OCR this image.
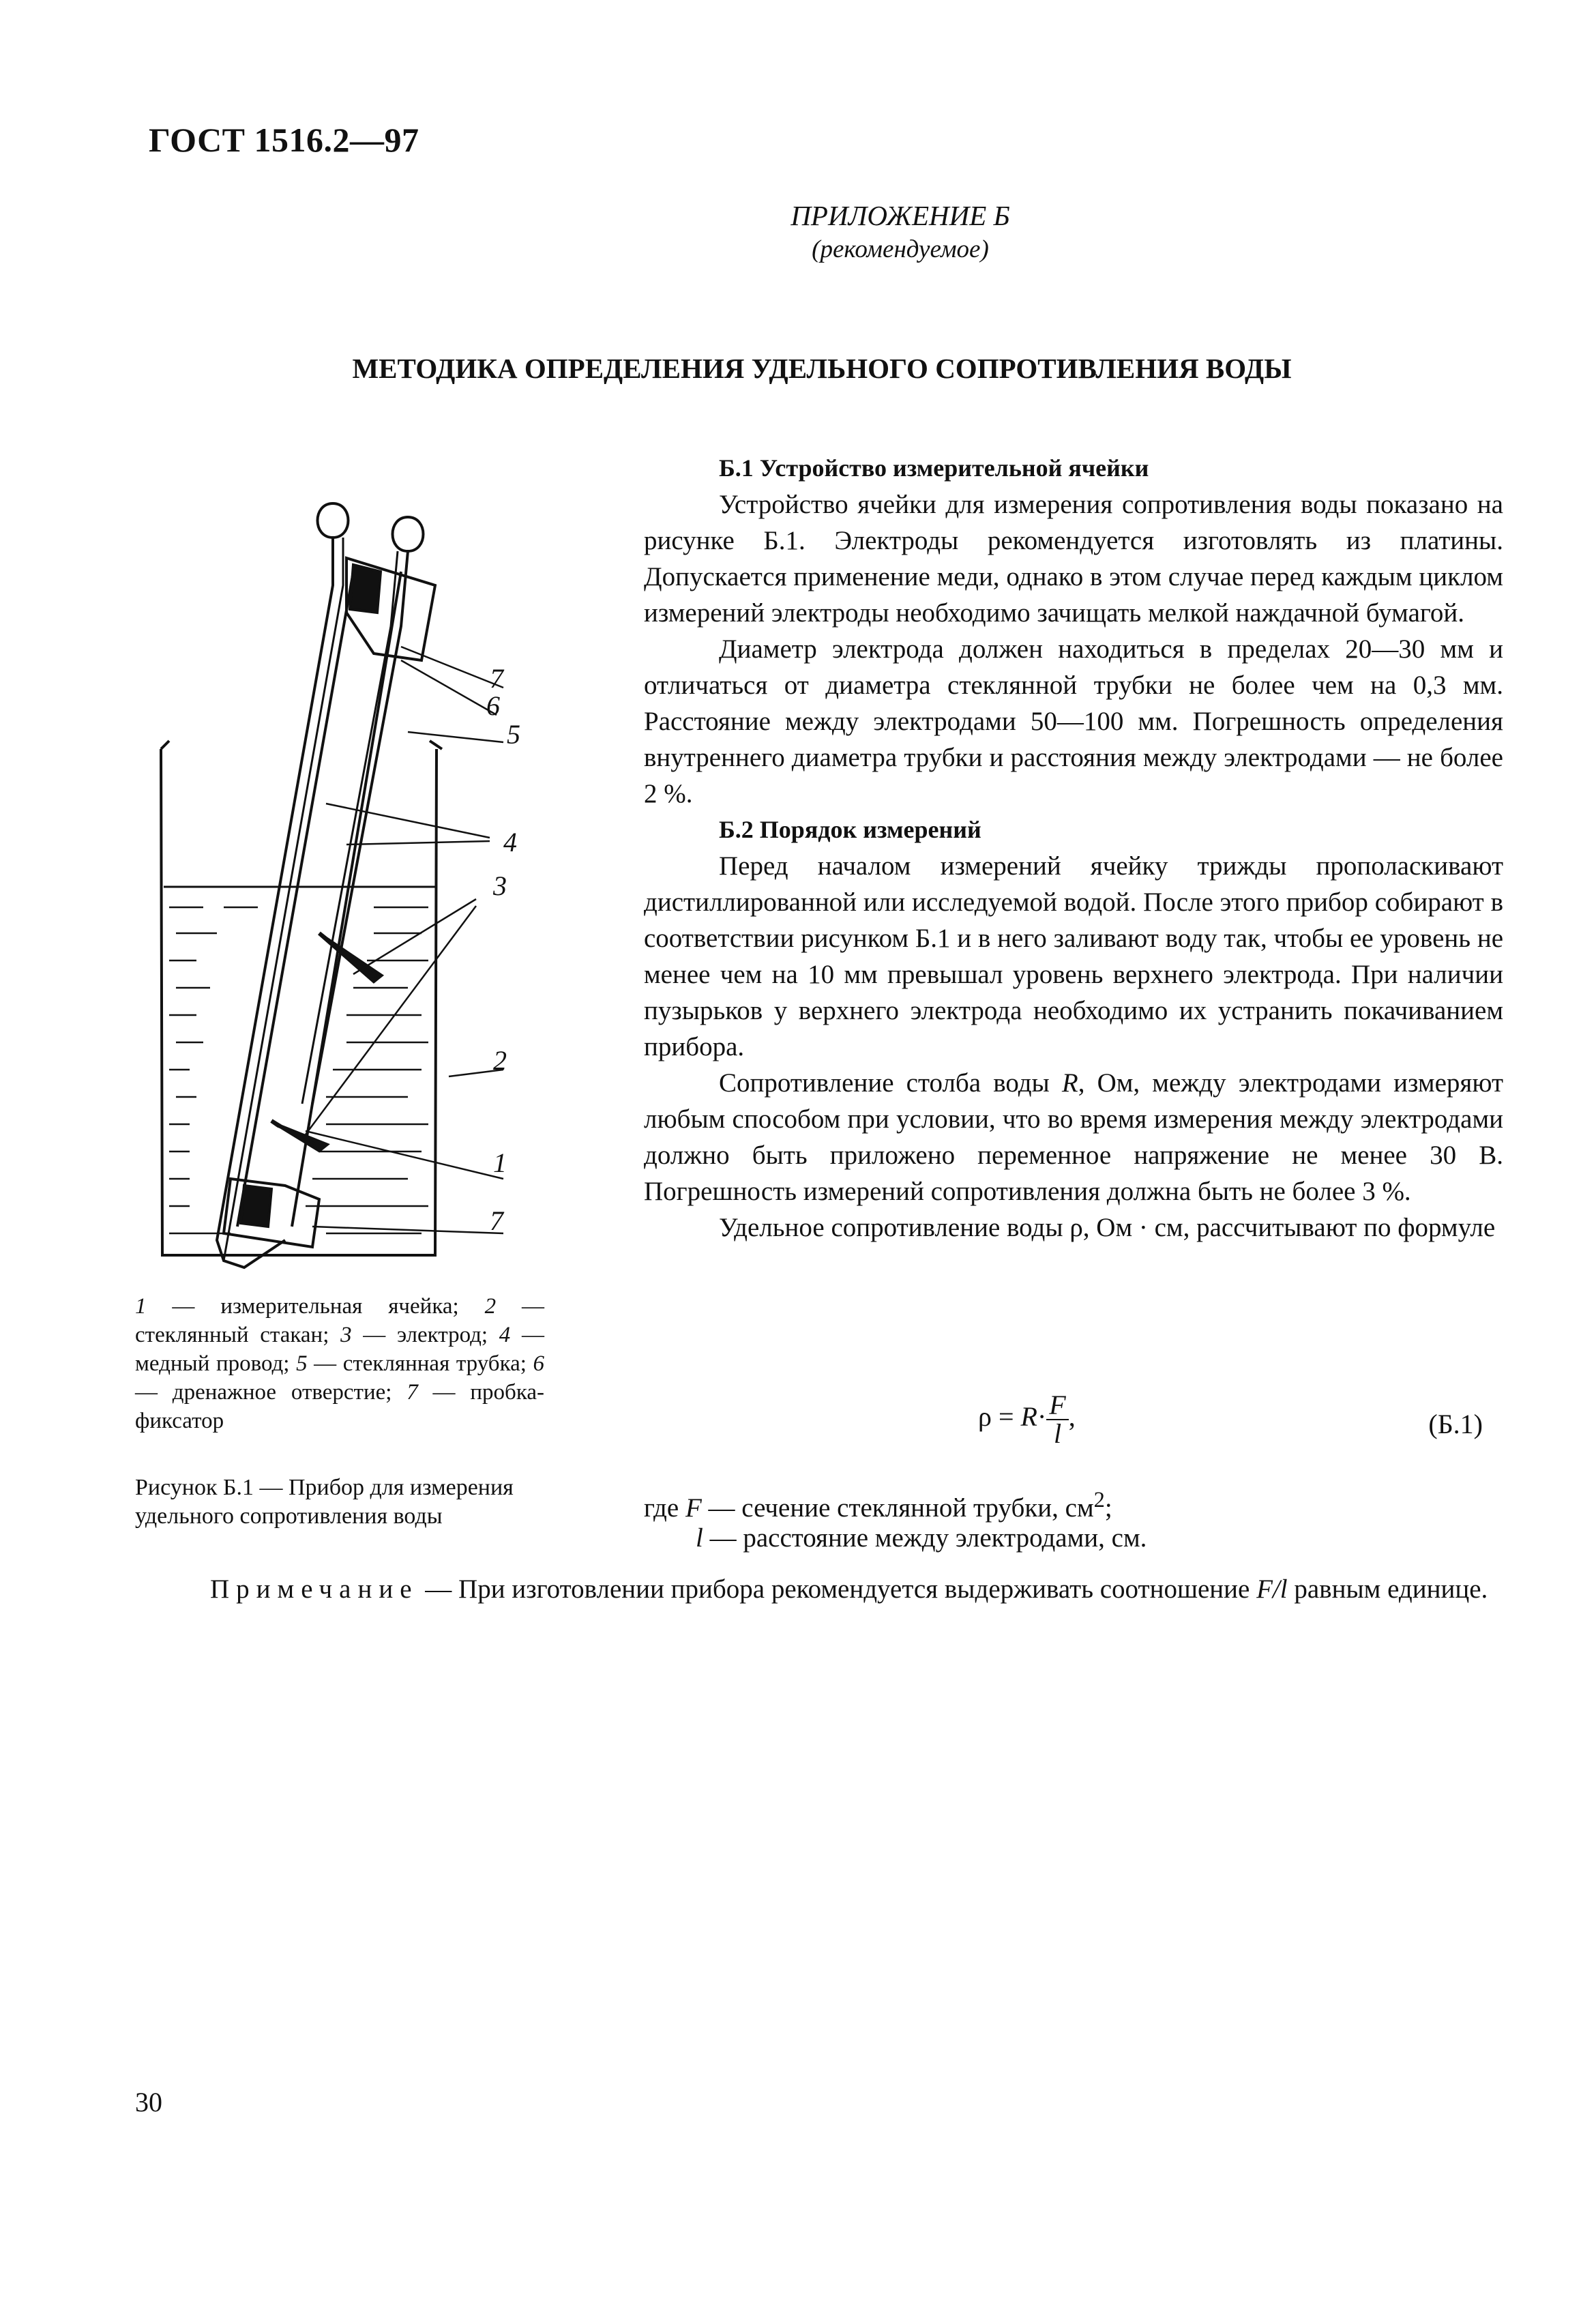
ГОСТ 1516.2—97
ПРИЛОЖЕНИЕ Б
(рекомендуемое)
МЕТОДИКА ОПРЕДЕЛЕНИЯ УДЕЛЬНОГО СОПРОТИВЛЕНИЯ ВОДЫ
7
6
5
4
3
2
1
7
1 — измерительная ячейка; 2 — стеклянный стакан; 3 — электрод; 4 — медный провод; 5 — стеклянная трубка; 6 — дренажное отверстие; 7 — пробка-фиксатор
Рисунок Б.1 — Прибор для измерения удельного сопротивления воды

Б.1 Устройство измерительной ячейки

Устройство ячейки для измерения сопротивления воды показано на рисунке Б.1. Электроды рекомендуется изготовлять из платины. Допускается применение меди, однако в этом случае перед каждым циклом измерений электроды необходимо зачищать мелкой наждачной бумагой.

Диаметр электрода должен находиться в пределах 20—30 мм и отличаться от диаметра стеклянной трубки не более чем на 0,3 мм. Расстояние между электродами 50—100 мм. Погрешность определения внутреннего диаметра трубки и расстояния между электродами — не более 2 %.

Б.2 Порядок измерений

Перед началом измерений ячейку трижды прополаскивают дистиллированной или исследуемой водой. После этого прибор собирают в соответствии рисунком Б.1 и в него заливают воду так, чтобы ее уровень не менее чем на 10 мм превышал уровень верхнего электрода. При наличии пузырьков у верхнего электрода необходимо их устранить покачиванием прибора.

Сопротивление столба воды R, Ом, между электродами измеряют любым способом при условии, что во время измерения между электродами должно быть приложено переменное напряжение не менее 30 В. Погрешность измерений сопротивления должна быть не более 3 %.

Удельное сопротивление воды ρ, Ом · см, рассчитывают по формуле

$\rho = R\cdot \frac{F}{l}$ ,	(Б.1)
где F — сечение стеклянной трубки, $см^2$;
l — расстояние между электродами, см.
Примечание — При изготовлении прибора рекомендуется выдерживать соотношение F/l равным единице.
30
